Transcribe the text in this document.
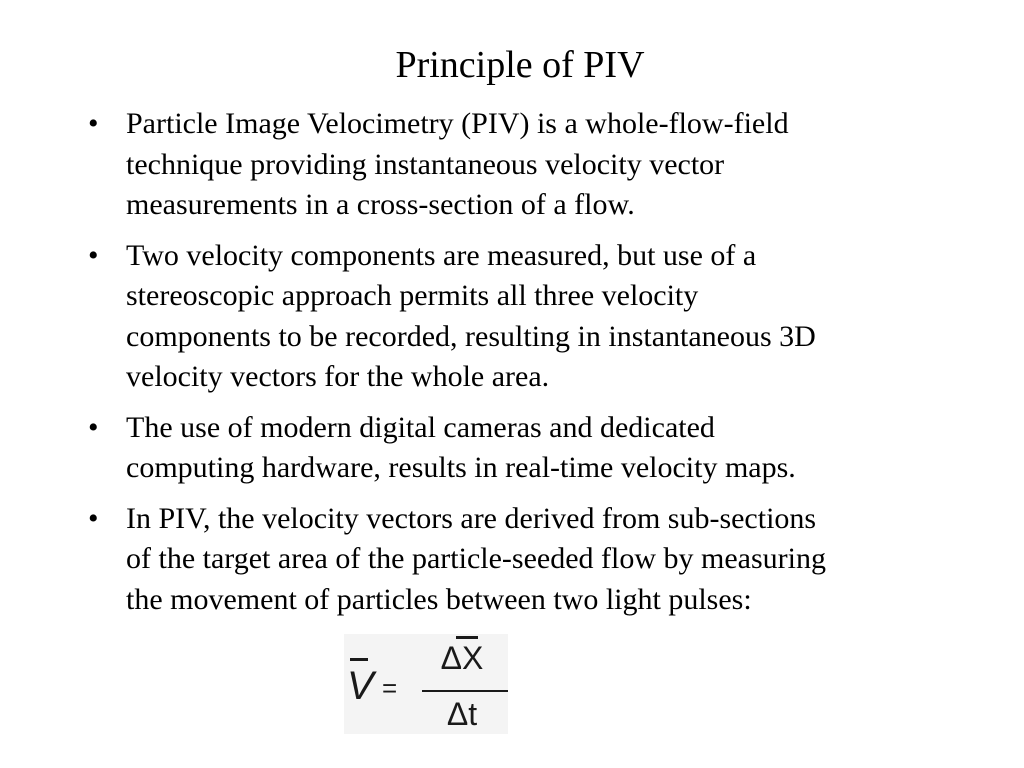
Principle of PIV
• Particle Image Velocimetry (PIV) is a whole-flow-field
technique providing instantaneous velocity vector
measurements in a cross-section of a flow.
• Two velocity components are measured, but use of a
stereoscopic approach permits all three velocity
components to be recorded, resulting in instantaneous 3D
velocity vectors for the whole area.
• The use of modern digital cameras and dedicated
computing hardware, results in real-time velocity maps.
• In PIV, the velocity vectors are derived from sub-sections
of the target area of the particle-seeded flow by measuring
the movement of particles between two light pulses:
V =
ΔX
Δt
